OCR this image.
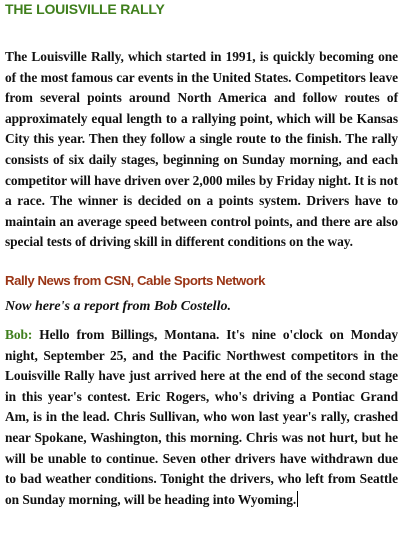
THE LOUISVILLE RALLY

The Louisville Rally, which started in 1991, is quickly becoming one of the most famous car events in the United States. Competitors leave from several points around North America and follow routes of approximately equal length to a rallying point, which will be Kansas City this year. Then they follow a single route to the finish. The rally consists of six daily stages, beginning on Sunday morning, and each competitor will have driven over 2,000 miles by Friday night. It is not a race. The winner is decided on a points system. Drivers have to maintain an average speed between control points, and there are also special tests of driving skill in different conditions on the way.

Rally News from CSN, Cable Sports Network

Now here's a report from Bob Costello.

Bob: Hello from Billings, Montana. It's nine o'clock on Monday night, September 25, and the Pacific Northwest competitors in the Louisville Rally have just arrived here at the end of the second stage in this year's contest. Eric Rogers, who's driving a Pontiac Grand Am, is in the lead. Chris Sullivan, who won last year's rally, crashed near Spokane, Washington, this morning. Chris was not hurt, but he will be unable to continue. Seven other drivers have withdrawn due to bad weather conditions. Tonight the drivers, who left from Seattle on Sunday morning, will be heading into Wyoming.
